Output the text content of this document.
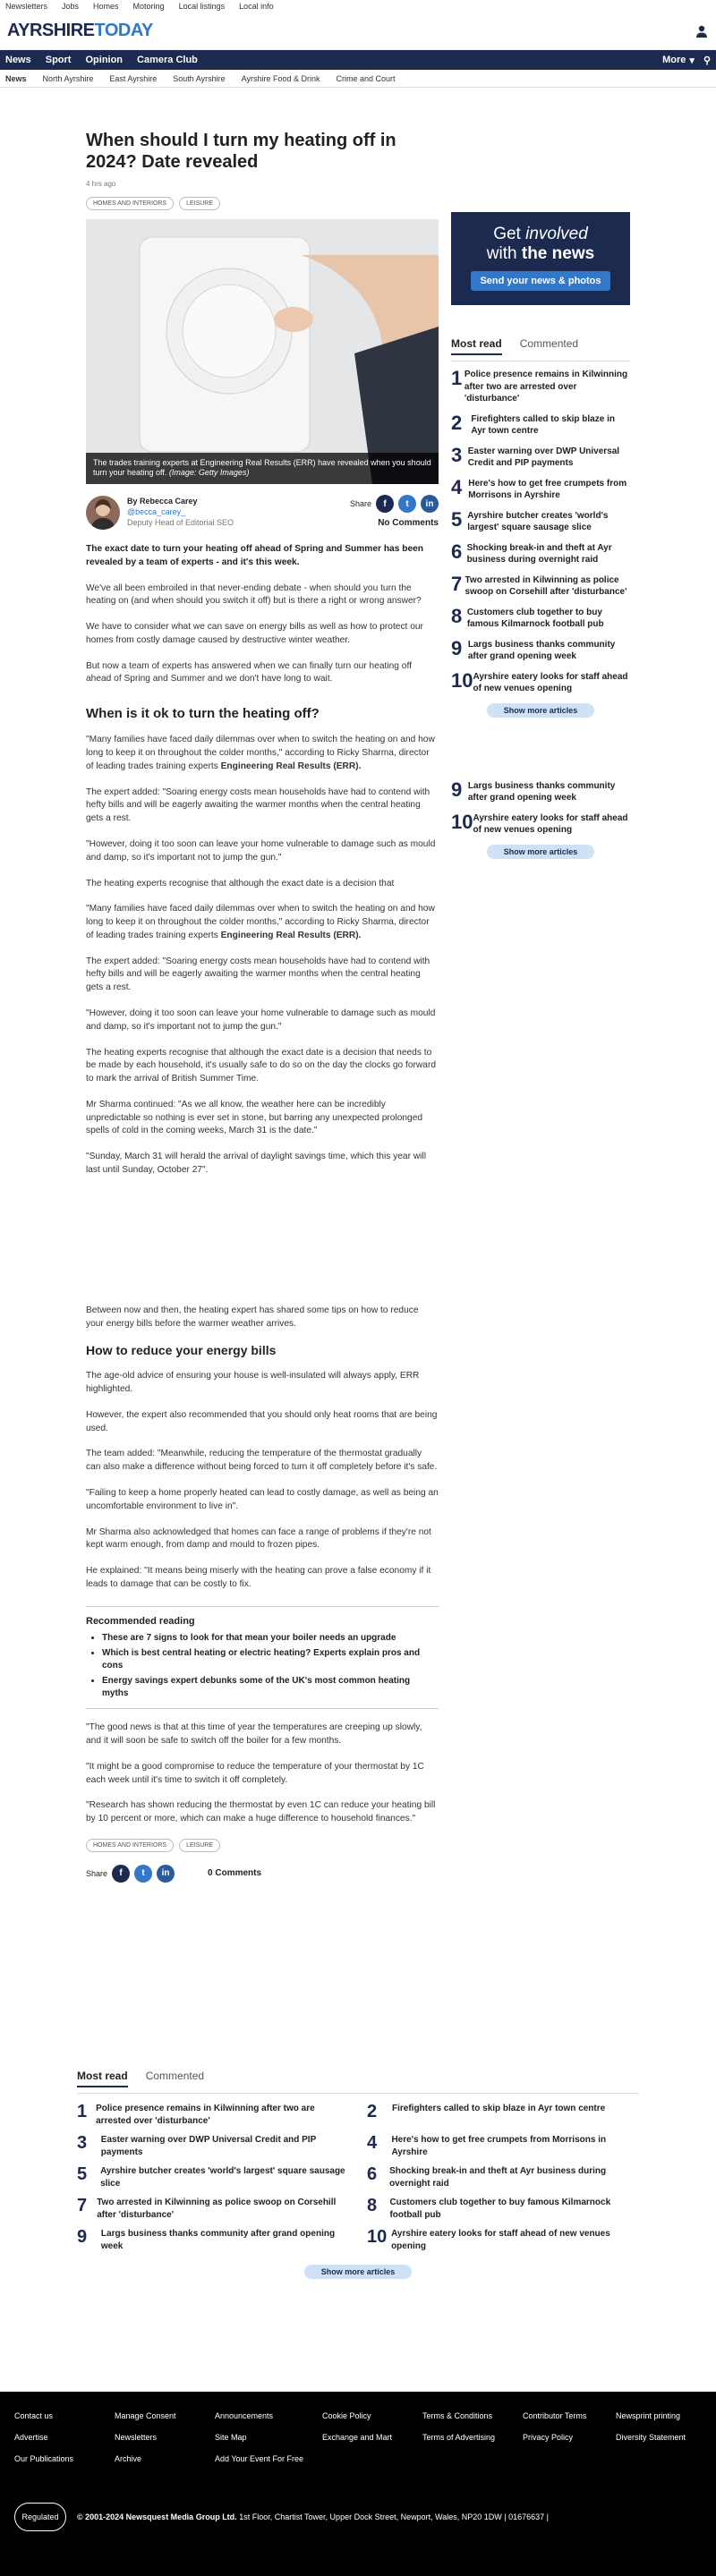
Newsletters Jobs Homes Motoring Local listings Local info
AYRSHIRETODAY
News Sport Opinion Camera Club	More ▾ ⚲
News North Ayrshire East Ayrshire South Ayrshire Ayrshire Food & Drink Crime and Court
When should I turn my heating off in 2024? Date revealed
4 hrs ago
HOMES AND INTERIORS	LEISURE
The trades training experts at Engineering Real Results (ERR) have revealed when you should turn your heating off. (Image: Getty Images)
By Rebecca Carey
@becca_carey_
Deputy Head of Editorial SEO
Share	f	t	in
No Comments

The exact date to turn your heating off ahead of Spring and Summer has been revealed by a team of experts - and it's this week.

We've all been embroiled in that never-ending debate - when should you turn the heating on (and when should you switch it off) but is there a right or wrong answer?

We have to consider what we can save on energy bills as well as how to protect our homes from costly damage caused by destructive winter weather.

But now a team of experts has answered when we can finally turn our heating off ahead of Spring and Summer and we don't have long to wait.

When is it ok to turn the heating off?

"Many families have faced daily dilemmas over when to switch the heating on and how long to keep it on throughout the colder months," according to Ricky Sharma, director of leading trades training experts Engineering Real Results (ERR).

The expert added: "Soaring energy costs mean households have had to contend with hefty bills and will be eagerly awaiting the warmer months when the central heating gets a rest.

"However, doing it too soon can leave your home vulnerable to damage such as mould and damp, so it's important not to jump the gun."

The heating experts recognise that although the exact date is a decision that

"Many families have faced daily dilemmas over when to switch the heating on and how long to keep it on throughout the colder months," according to Ricky Sharma, director of leading trades training experts Engineering Real Results (ERR).

The expert added: "Soaring energy costs mean households have had to contend with hefty bills and will be eagerly awaiting the warmer months when the central heating gets a rest.

"However, doing it too soon can leave your home vulnerable to damage such as mould and damp, so it's important not to jump the gun."

The heating experts recognise that although the exact date is a decision that needs to be made by each household, it's usually safe to do so on the day the clocks go forward to mark the arrival of British Summer Time.

Mr Sharma continued: "As we all know, the weather here can be incredibly unpredictable so nothing is ever set in stone, but barring any unexpected prolonged spells of cold in the coming weeks, March 31 is the date."

"Sunday, March 31 will herald the arrival of daylight savings time, which this year will last until Sunday, October 27".

Between now and then, the heating expert has shared some tips on how to reduce your energy bills before the warmer weather arrives.

How to reduce your energy bills

The age-old advice of ensuring your house is well-insulated will always apply, ERR highlighted.

However, the expert also recommended that you should only heat rooms that are being used.

The team added: "Meanwhile, reducing the temperature of the thermostat gradually can also make a difference without being forced to turn it off completely before it's safe.

"Failing to keep a home properly heated can lead to costly damage, as well as being an uncomfortable environment to live in".

Mr Sharma also acknowledged that homes can face a range of problems if they're not kept warm enough, from damp and mould to frozen pipes.

He explained: "It means being miserly with the heating can prove a false economy if it leads to damage that can be costly to fix.

Recommended reading
• These are 7 signs to look for that mean your boiler needs an upgrade
• Which is best central heating or electric heating? Experts explain pros and cons
• Energy savings expert debunks some of the UK's most common heating myths

"The good news is that at this time of year the temperatures are creeping up slowly, and it will soon be safe to switch off the boiler for a few months.

"It might be a good compromise to reduce the temperature of your thermostat by 1C each week until it's time to switch it off completely.

"Research has shown reducing the thermostat by even 1C can reduce your heating bill by 10 percent or more, which can make a huge difference to household finances."

HOMES AND INTERIORS	LEISURE
Share	f	t	in	0 Comments
Get involved
with the news
Send your news & photos
Most read Commented
1 Police presence remains in Kilwinning after two are arrested over 'disturbance'
2	Firefighters called to skip blaze in Ayr town centre
3 Easter warning over DWP Universal Credit and PIP payments
4 Here's how to get free crumpets from Morrisons in Ayrshire
5 Ayrshire butcher creates 'world's largest' square sausage slice
6 Shocking break-in and theft at Ayr business during overnight raid
7 Two arrested in Kilwinning as police swoop on Corsehill after 'disturbance'
8 Customers club together to buy famous Kilmarnock football pub
9 Largs business thanks community after grand opening week
10 Ayrshire eatery looks for staff ahead of new venues opening
Show more articles
9 Largs business thanks community after grand opening week
10 Ayrshire eatery looks for staff ahead of new venues opening
Show more articles
Most read Commented
1	Police presence remains in Kilwinning after two are arrested over 'disturbance'	2	Firefighters called to skip blaze in Ayr town centre
3	Easter warning over DWP Universal Credit and PIP payments	4	Here's how to get free crumpets from Morrisons in Ayrshire
5	Ayrshire butcher creates 'world's largest' square sausage slice	6	Shocking break-in and theft at Ayr business during overnight raid
7	Two arrested in Kilwinning as police swoop on Corsehill after 'disturbance'	8	Customers club together to buy famous Kilmarnock football pub
9	Largs business thanks community after grand opening week	10 Ayrshire eatery looks for staff ahead of new venues opening
Show more articles
Contact us	Manage Consent	Announcements	Cookie Policy	Terms & Conditions	Contributor Terms	Newsprint printing
Advertise	Newsletters	Site Map	Exchange and Mart	Terms of Advertising	Privacy Policy	Diversity Statement
Our Publications	Archive	Add Your Event For Free
Regulated © 2001-2024 Newsquest Media Group Ltd. 1st Floor, Chartist Tower, Upper Dock Street, Newport, Wales, NP20 1DW | 01676637 |
